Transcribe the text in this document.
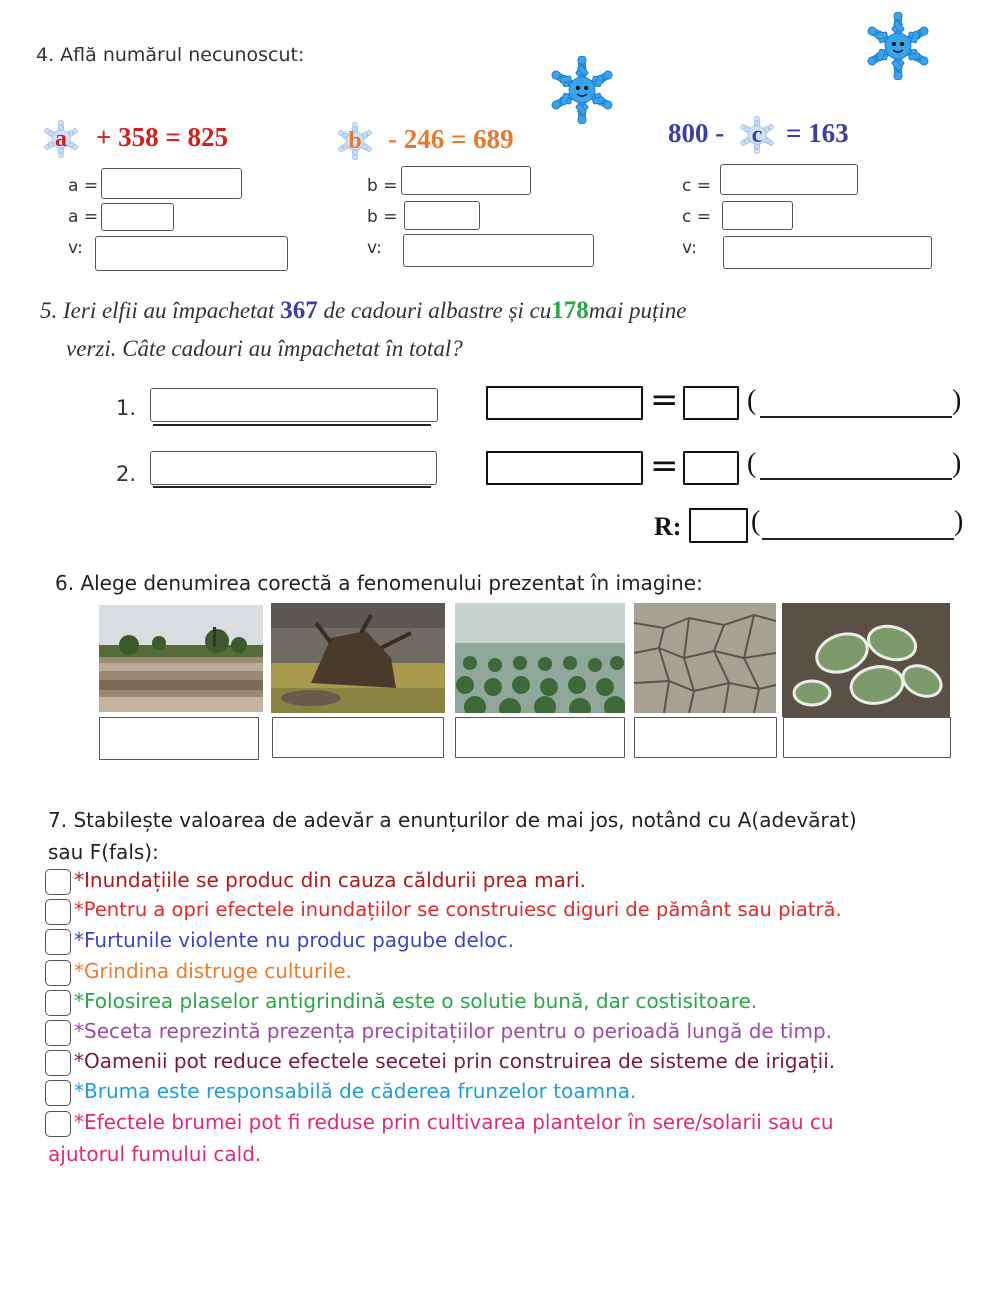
4. Află numărul necunoscut:
a	+ 358 = 825	b - 246 = 689	800 -	c = 163
a =
a =
v:
b =
b =
v:
c =
c =
v:
5. Ieri elfii au împachetat 367 de cadouri albastre și cu178mai puține
verzi. Câte cadouri au împachetat în total?
1.	= (	)
2.	= (	)
R: (	)
6. Alege denumirea corectă a fenomenului prezentat în imagine:
7. Stabilește valoarea de adevăr a enunțurilor de mai jos, notând cu A(adevărat)
sau F(fals):
*Inundațiile se produc din cauza căldurii prea mari.
*Pentru a opri efectele inundațiilor se construiesc diguri de pământ sau piatră.
*Furtunile violente nu produc pagube deloc.
*Grindina distruge culturile.
*Folosirea plaselor antigrindină este o solutie bună, dar costisitoare.
*Seceta reprezintă prezența precipitațiilor pentru o perioadă lungă de timp.
*Oamenii pot reduce efectele secetei prin construirea de sisteme de irigații.
*Bruma este responsabilă de căderea frunzelor toamna.
*Efectele brumei pot fi reduse prin cultivarea plantelor în sere/solarii sau cu
ajutorul fumului cald.
